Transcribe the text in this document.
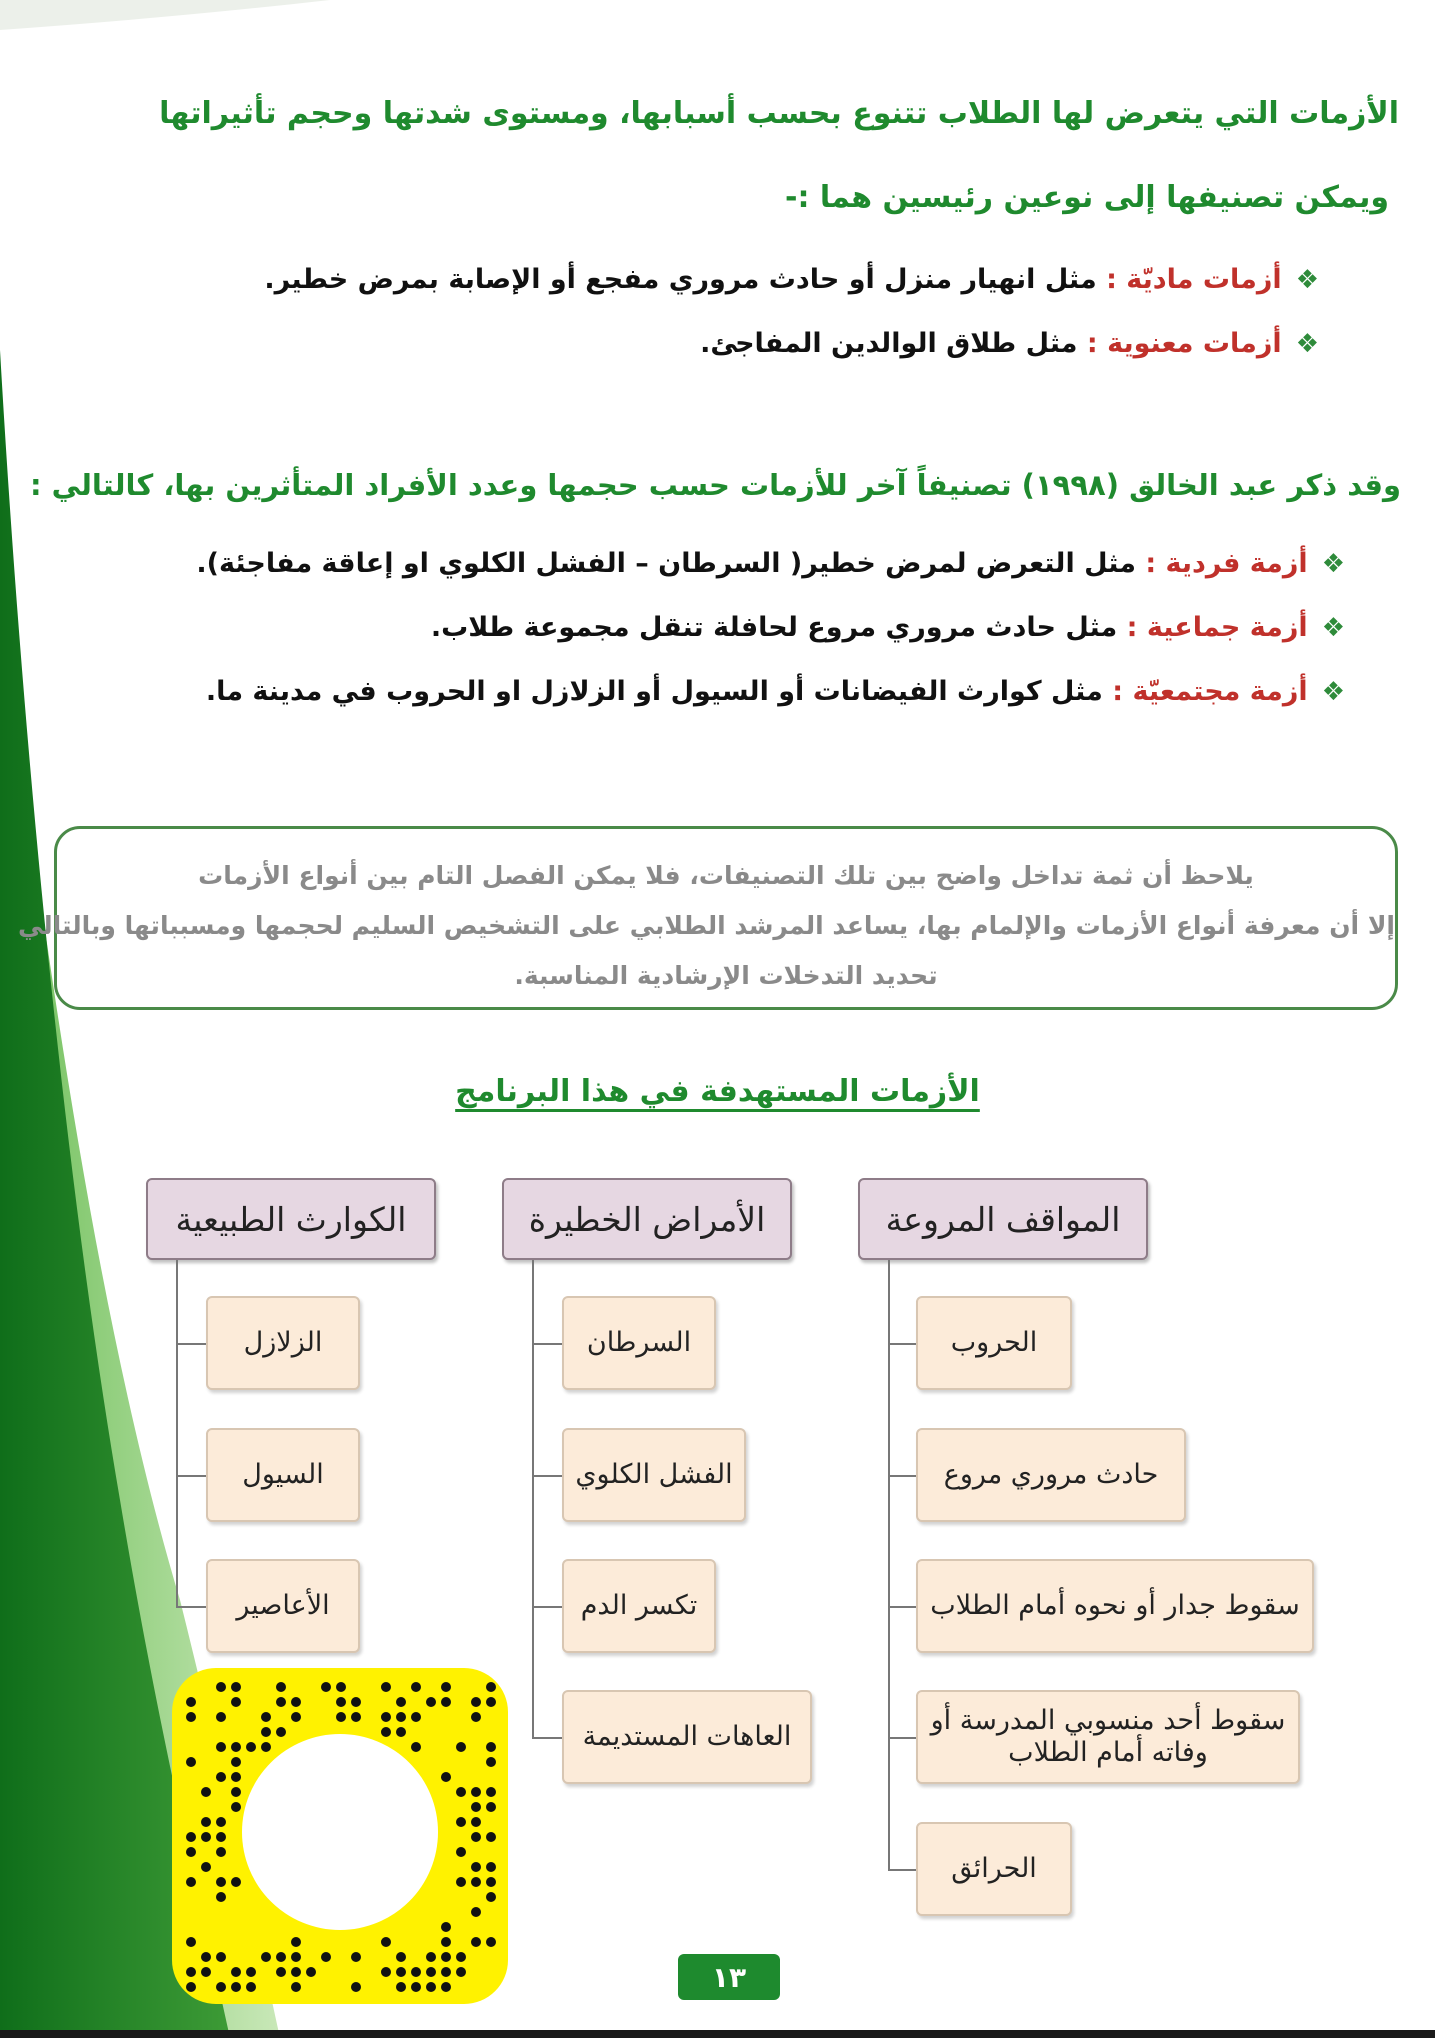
الأزمات التي يتعرض لها الطلاب تتنوع بحسب أسبابها، ومستوى شدتها وحجم تأثيراتها
ويمكن تصنيفها إلى نوعين رئيسين هما :-
❖أزمات ماديّة : مثل انهيار منزل أو حادث مروري مفجع أو الإصابة بمرض خطير.
❖أزمات معنوية : مثل طلاق الوالدين المفاجئ.
وقد ذكر عبد الخالق (١٩٩٨) تصنيفاً آخر للأزمات حسب حجمها وعدد الأفراد المتأثرين بها، كالتالي :
❖أزمة فردية : مثل التعرض لمرض خطير( السرطان – الفشل الكلوي او إعاقة مفاجئة).
❖أزمة جماعية : مثل حادث مروري مروع لحافلة تنقل مجموعة طلاب.
❖أزمة مجتمعيّة : مثل كوارث الفيضانات أو السيول أو الزلازل او الحروب في مدينة ما.
يلاحظ أن ثمة تداخل واضح بين تلك التصنيفات، فلا يمكن الفصل التام بين أنواع الأزمات
إلا أن معرفة أنواع الأزمات والإلمام بها، يساعد المرشد الطلابي على التشخيص السليم لحجمها ومسبباتها وبالتالي
تحديد التدخلات الإرشادية المناسبة.
الأزمات المستهدفة في هذا البرنامج
المواقف المروعة
الحروب
حادث مروري مروع
سقوط جدار أو نحوه أمام الطلاب
سقوط أحد منسوبي المدرسة أو وفاته أمام الطلاب
الحرائق
الأمراض الخطيرة
السرطان
الفشل الكلوي
تكسر الدم
العاهات المستديمة
الكوارث الطبيعية
الزلازل
السيول
الأعاصير
١٣
